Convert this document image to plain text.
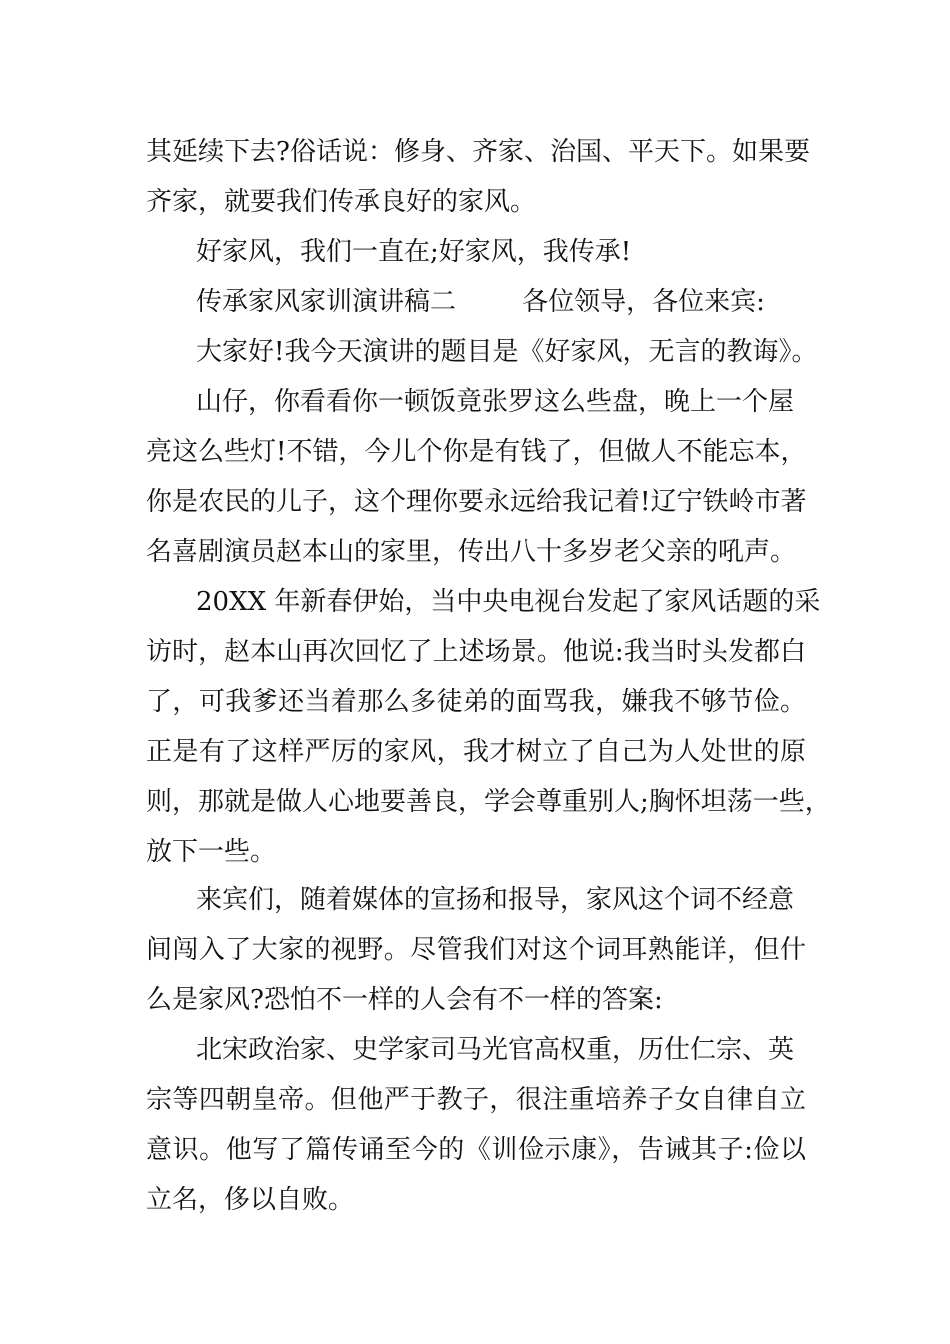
其延续下去?俗话说：修身、齐家、治国、平天下。如果要
齐家，就要我们传承良好的家风。
好家风，我们一直在;好家风，我传承!
传承家风家训演讲稿二        各位领导，各位来宾:
大家好!我今天演讲的题目是《好家风，无言的教诲》。
山仔，你看看你一顿饭竟张罗这么些盘，晚上一个屋
亮这么些灯!不错，今儿个你是有钱了，但做人不能忘本，
你是农民的儿子，这个理你要永远给我记着!辽宁铁岭市著
名喜剧演员赵本山的家里，传出八十多岁老父亲的吼声。
20XX 年新春伊始，当中央电视台发起了家风话题的采
访时，赵本山再次回忆了上述场景。他说:我当时头发都白
了，可我爹还当着那么多徒弟的面骂我，嫌我不够节俭。
正是有了这样严厉的家风，我才树立了自己为人处世的原
则，那就是做人心地要善良，学会尊重别人;胸怀坦荡一些，
放下一些。
来宾们，随着媒体的宣扬和报导，家风这个词不经意
间闯入了大家的视野。尽管我们对这个词耳熟能详，但什
么是家风?恐怕不一样的人会有不一样的答案:
北宋政治家、史学家司马光官高权重，历仕仁宗、英
宗等四朝皇帝。但他严于教子，很注重培养子女自律自立
意识。他写了篇传诵至今的《训俭示康》，告诫其子:俭以
立名，侈以自败。
